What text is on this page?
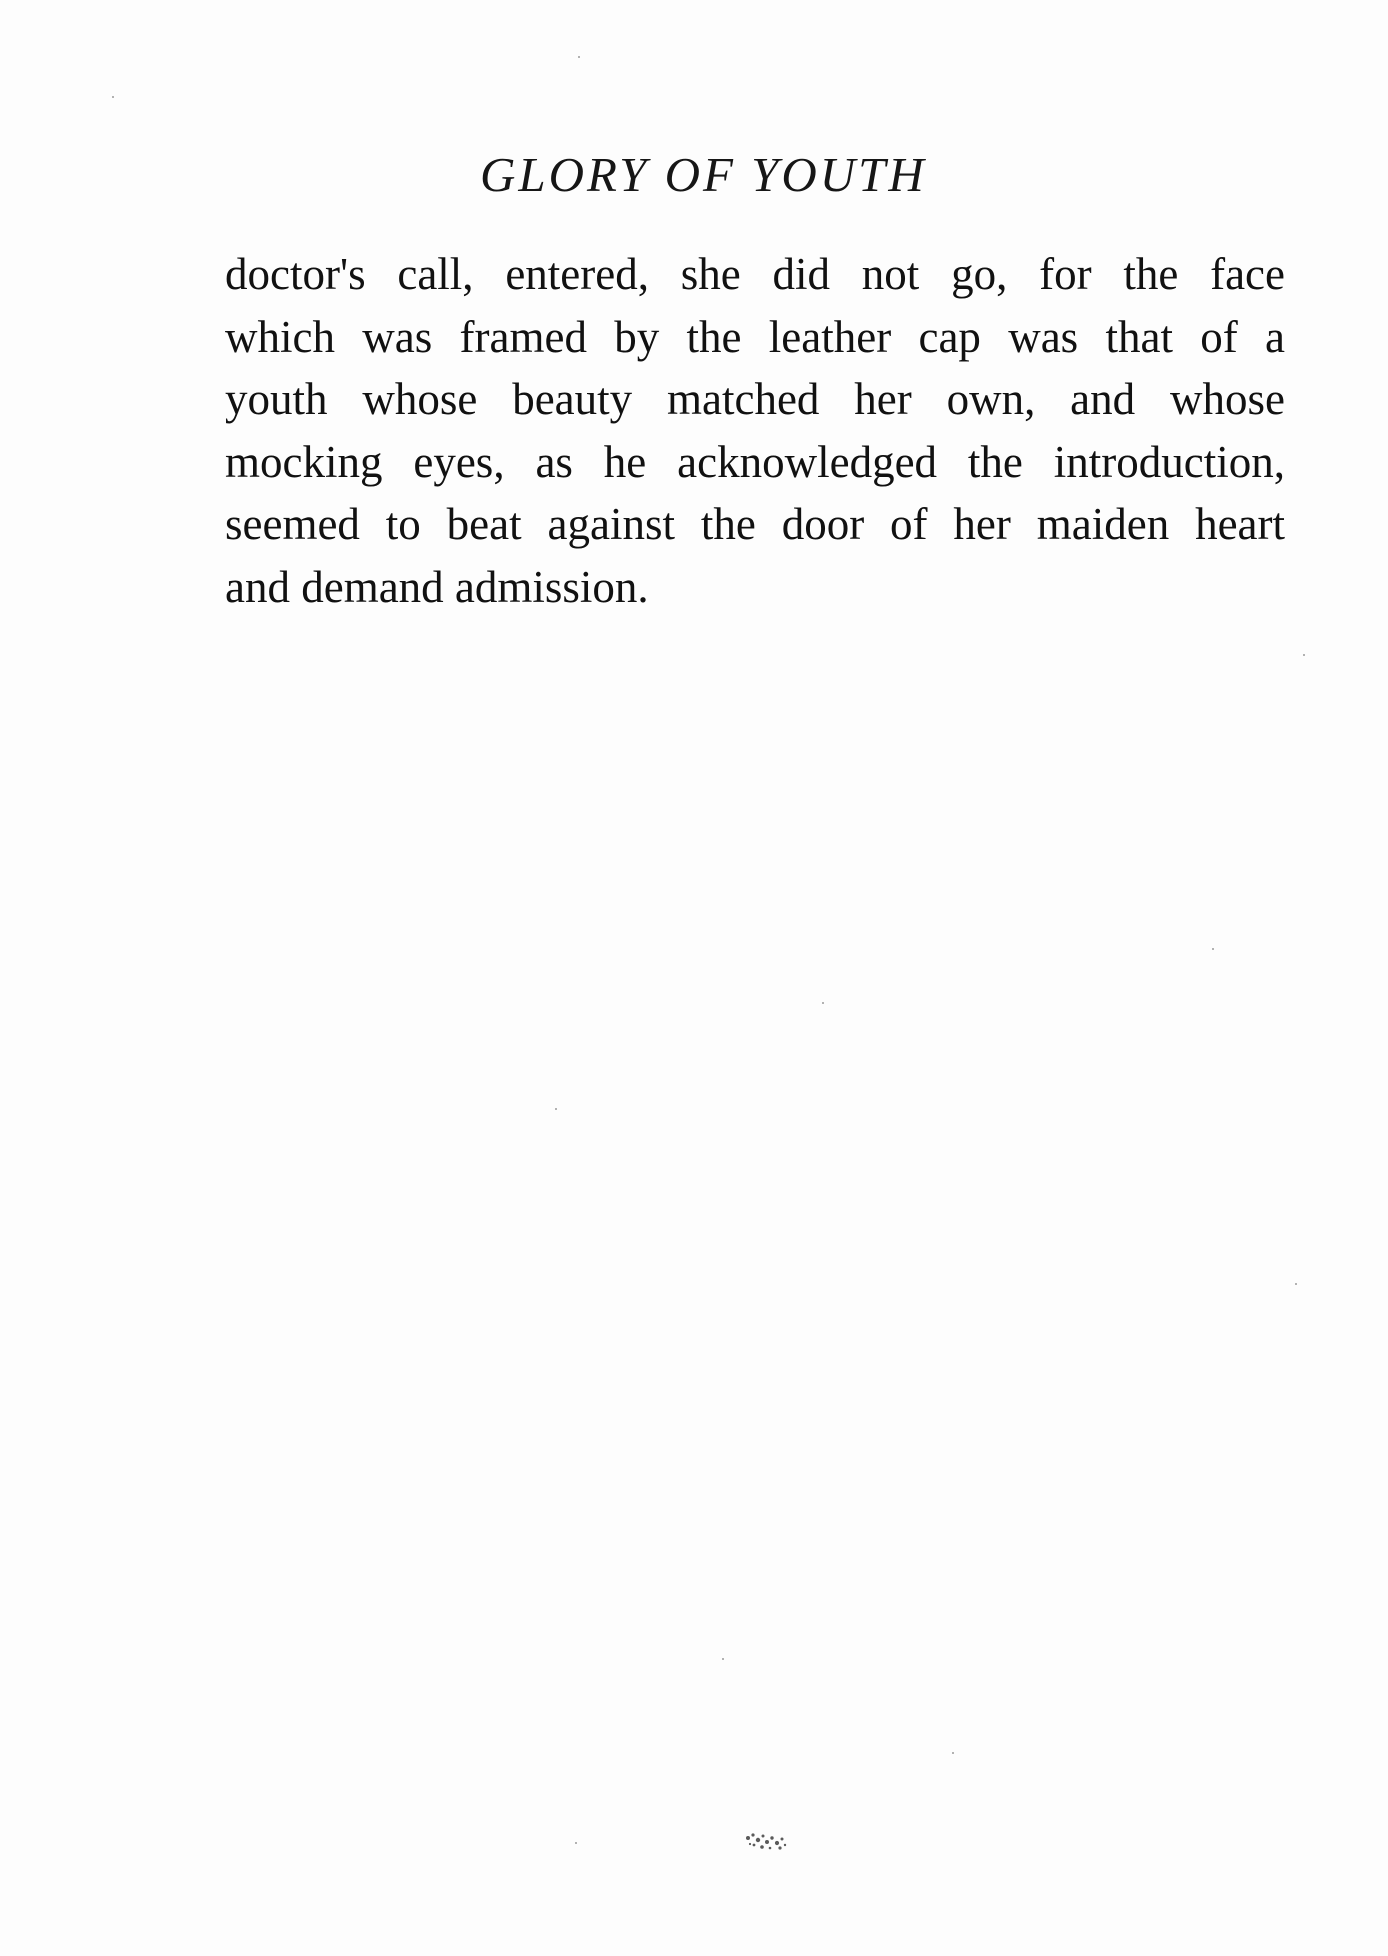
GLORY OF YOUTH
doctor's call, entered, she did not go, for the face
which was framed by the leather cap was that of a
youth whose beauty matched her own, and whose
mocking eyes, as he acknowledged the introduction,
seemed to beat against the door of her maiden heart
and demand admission.
